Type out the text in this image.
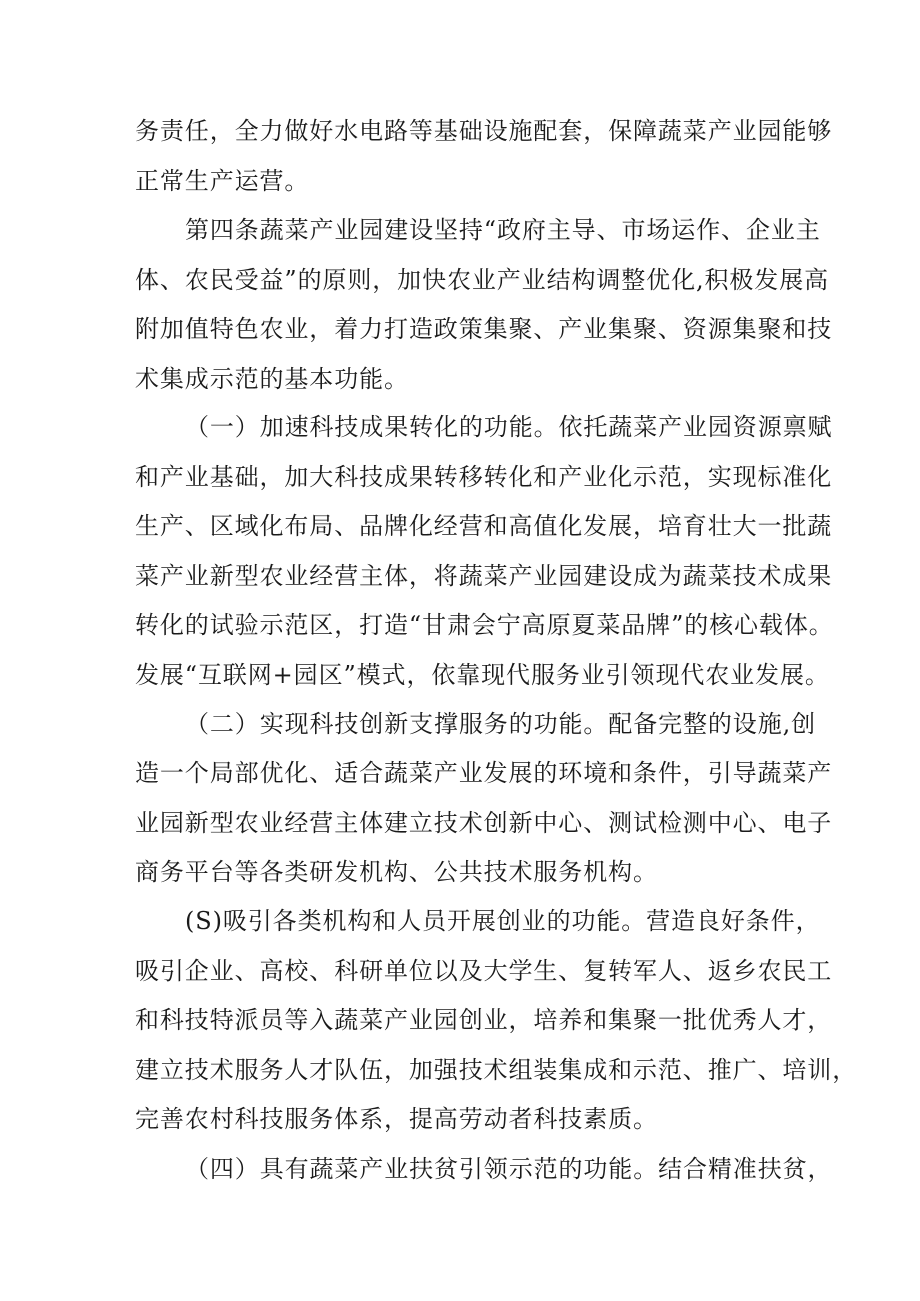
务责任，全力做好水电路等基础设施配套，保障蔬菜产业园能够

正常生产运营。

第四条蔬菜产业园建设坚持“政府主导、市场运作、企业主

体、农民受益”的原则，加快农业产业结构调整优化,积极发展高

附加值特色农业，着力打造政策集聚、产业集聚、资源集聚和技

术集成示范的基本功能。

（一）加速科技成果转化的功能。依托蔬菜产业园资源禀赋

和产业基础，加大科技成果转移转化和产业化示范，实现标准化

生产、区域化布局、品牌化经营和高值化发展，培育壮大一批蔬

菜产业新型农业经营主体，将蔬菜产业园建设成为蔬菜技术成果

转化的试验示范区，打造“甘肃会宁高原夏菜品牌”的核心载体。

发展“互联网+园区”模式，依靠现代服务业引领现代农业发展。

（二）实现科技创新支撑服务的功能。配备完整的设施,创

造一个局部优化、适合蔬菜产业发展的环境和条件，引导蔬菜产

业园新型农业经营主体建立技术创新中心、测试检测中心、电子

商务平台等各类研发机构、公共技术服务机构。

(S)吸引各类机构和人员开展创业的功能。营造良好条件，

吸引企业、高校、科研单位以及大学生、复转军人、返乡农民工

和科技特派员等入蔬菜产业园创业，培养和集聚一批优秀人才，

建立技术服务人才队伍，加强技术组装集成和示范、推广、培训，

完善农村科技服务体系，提高劳动者科技素质。

（四）具有蔬菜产业扶贫引领示范的功能。结合精准扶贫，
